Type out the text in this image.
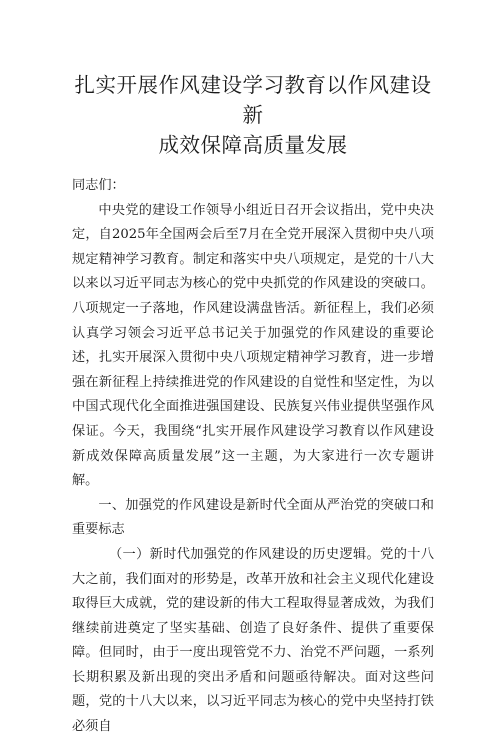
扎实开展作风建设学习教育以作风建设新
成效保障高质量发展

同志们：

中央党的建设工作领导小组近日召开会议指出，党中央决定，自2025年全国两会后至7月在全党开展深入贯彻中央八项规定精神学习教育。制定和落实中央八项规定，是党的十八大以来以习近平同志为核心的党中央抓党的作风建设的突破口。八项规定一子落地，作风建设满盘皆活。新征程上，我们必须认真学习领会习近平总书记关于加强党的作风建设的重要论述，扎实开展深入贯彻中央八项规定精神学习教育，进一步增强在新征程上持续推进党的作风建设的自觉性和坚定性，为以中国式现代化全面推进强国建设、民族复兴伟业提供坚强作风保证。今天，我围绕“扎实开展作风建设学习教育以作风建设新成效保障高质量发展”这一主题，为大家进行一次专题讲解。

一、加强党的作风建设是新时代全面从严治党的突破口和重要标志

（一）新时代加强党的作风建设的历史逻辑。党的十八大之前，我们面对的形势是，改革开放和社会主义现代化建设取得巨大成就，党的建设新的伟大工程取得显著成效，为我们继续前进奠定了坚实基础、创造了良好条件、提供了重要保障。但同时，由于一度出现管党不力、治党不严问题，一系列长期积累及新出现的突出矛盾和问题亟待解决。面对这些问题，党的十八大以来，以习近平同志为核心的党中央坚持打铁必须自
